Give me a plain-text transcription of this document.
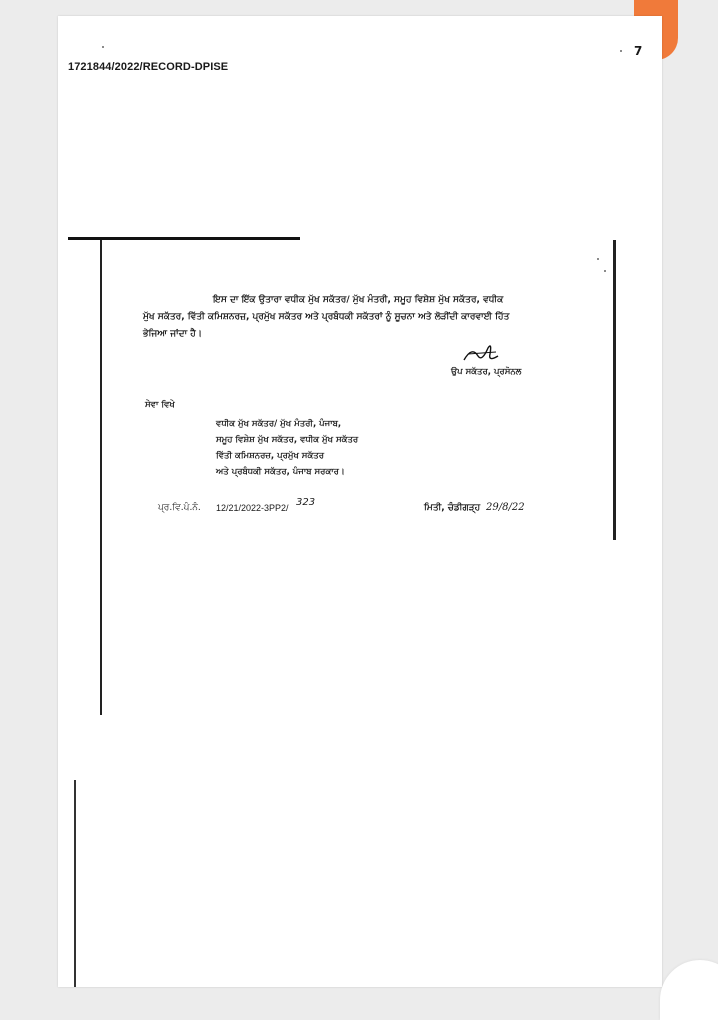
7
1721844/2022/RECORD-DPISE
ਇਸ ਦਾ ਇੱਕ ਉਤਾਰਾ ਵਧੀਕ ਮੁੱਖ ਸਕੱਤਰ/ ਮੁੱਖ ਮੰਤਰੀ, ਸਮੂਹ ਵਿਸ਼ੇਸ਼ ਮੁੱਖ ਸਕੱਤਰ, ਵਧੀਕ
ਮੁੱਖ ਸਕੱਤਰ, ਵਿੱਤੀ ਕਮਿਸ਼ਨਰਜ਼, ਪ੍ਰਮੁੱਖ ਸਕੱਤਰ ਅਤੇ ਪ੍ਰਬੰਧਕੀ ਸਕੱਤਰਾਂ ਨੂੰ ਸੂਚਨਾ ਅਤੇ ਲੋੜੀਂਦੀ ਕਾਰਵਾਈ ਹਿੱਤ
ਭੇਜਿਆ ਜਾਂਦਾ ਹੈ।
ਉਪ ਸਕੱਤਰ, ਪ੍ਰਸੋਨਲ
ਸੇਵਾ ਵਿਖੇ
ਵਧੀਕ ਮੁੱਖ ਸਕੱਤਰ/ ਮੁੱਖ ਮੰਤਰੀ, ਪੰਜਾਬ,
ਸਮੂਹ ਵਿਸ਼ੇਸ਼ ਮੁੱਖ ਸਕੱਤਰ, ਵਧੀਕ ਮੁੱਖ ਸਕੱਤਰ
ਵਿੱਤੀ ਕਮਿਸ਼ਨਰਜ਼, ਪ੍ਰਮੁੱਖ ਸਕੱਤਰ
ਅਤੇ ਪ੍ਰਬੰਧਕੀ ਸਕੱਤਰ, ਪੰਜਾਬ ਸਰਕਾਰ।
ਪ੍ਰ.ਵਿ.ਪੰ.ਨੰ. 12/21/2022-3PP2/ 323	ਮਿਤੀ, ਚੰਡੀਗੜ੍ਹ 29/8/22
